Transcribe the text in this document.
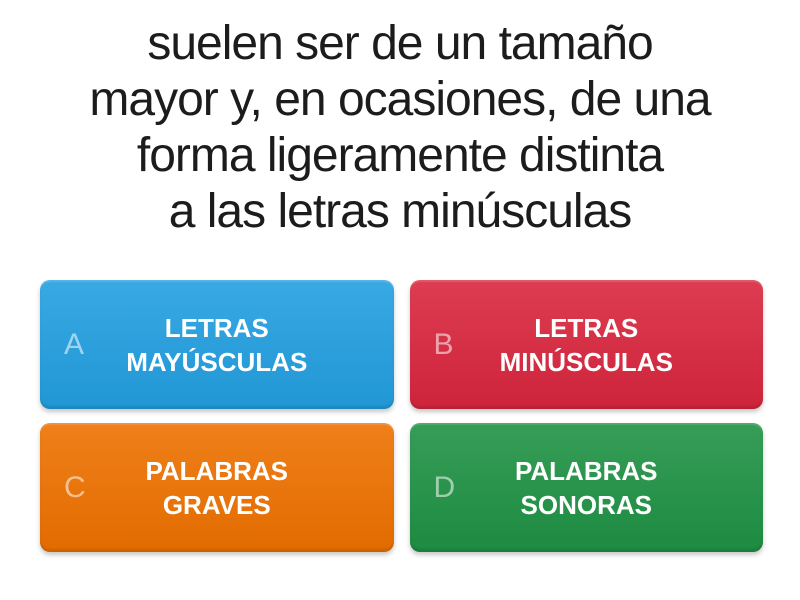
suelen ser de un tamaño
mayor y, en ocasiones, de una
forma ligeramente distinta
a las letras minúsculas
A	LETRAS MAYÚSCULAS
B	LETRAS MINÚSCULAS
C	PALABRAS GRAVES
D	PALABRAS SONORAS
